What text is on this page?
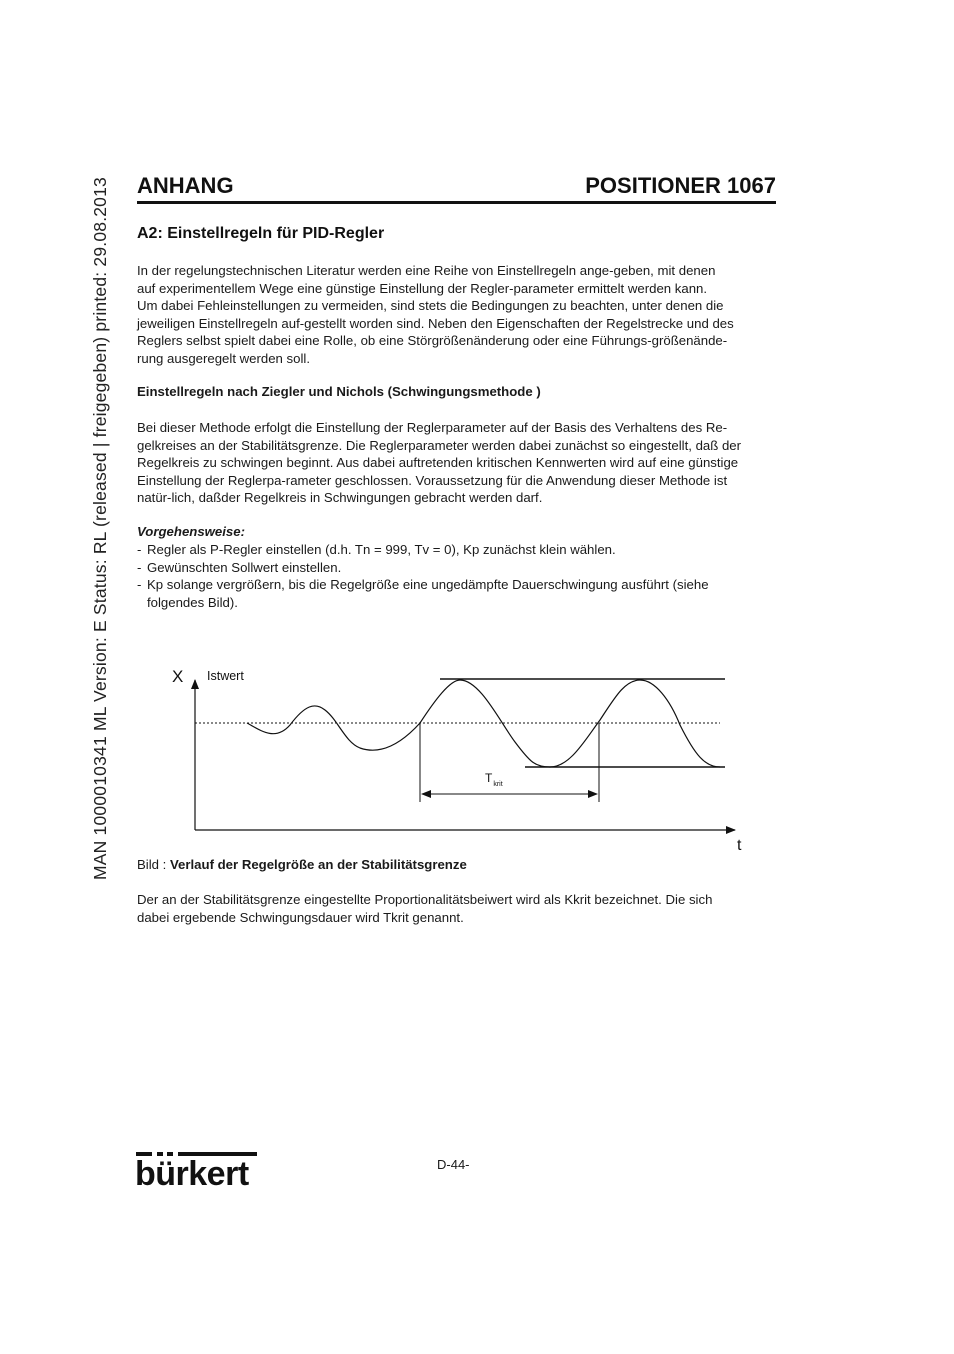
MAN 1000010341 ML Version: E Status: RL (released | freigegeben) printed: 29.08.2013 ANHANG	POSITIONER 1067
A2: Einstellregeln für PID-Regler

In der regelungstechnischen Literatur werden eine Reihe von Einstellregeln ange-geben, mit denen
auf experimentellem Wege eine günstige Einstellung der Regler-parameter ermittelt werden kann.
Um dabei Fehleinstellungen zu vermeiden, sind stets die Bedingungen zu beachten, unter denen die
jeweiligen Einstellregeln auf-gestellt worden sind. Neben den Eigenschaften der Regelstrecke und des
Reglers selbst spielt dabei eine Rolle, ob eine Störgrößenänderung oder eine Führungs-größenände-
rung ausgeregelt werden soll.

Einstellregeln nach Ziegler und Nichols (Schwingungsmethode )

Bei dieser Methode erfolgt die Einstellung der Reglerparameter auf der Basis des Verhaltens des Re-
gelkreises an der Stabilitätsgrenze. Die Reglerparameter werden dabei zunächst so eingestellt, daß der
Regelkreis zu schwingen beginnt. Aus dabei auftretenden kritischen Kennwerten wird auf eine günstige
Einstellung der Reglerpa-rameter geschlossen. Voraussetzung für die Anwendung dieser Methode ist
natür-lich, daßder Regelkreis in Schwingungen gebracht werden darf.

Vorgehensweise:

- Regler als P-Regler einstellen (d.h. Tn = 999, Tv = 0), Kp zunächst klein wählen.
- Gewünschten Sollwert einstellen.
- Kp solange vergrößern, bis die Regelgröße eine ungedämpfte Dauerschwingung ausführt (siehe
folgendes Bild).
X Istwert
t
$T_{krit}$

Bild : Verlauf der Regelgröße an der Stabilitätsgrenze

Der an der Stabilitätsgrenze eingestellte Proportionalitätsbeiwert wird als Kkrit bezeichnet. Die sich
dabei ergebende Schwingungsdauer wird Tkrit genannt.

bürkert	D-44-
